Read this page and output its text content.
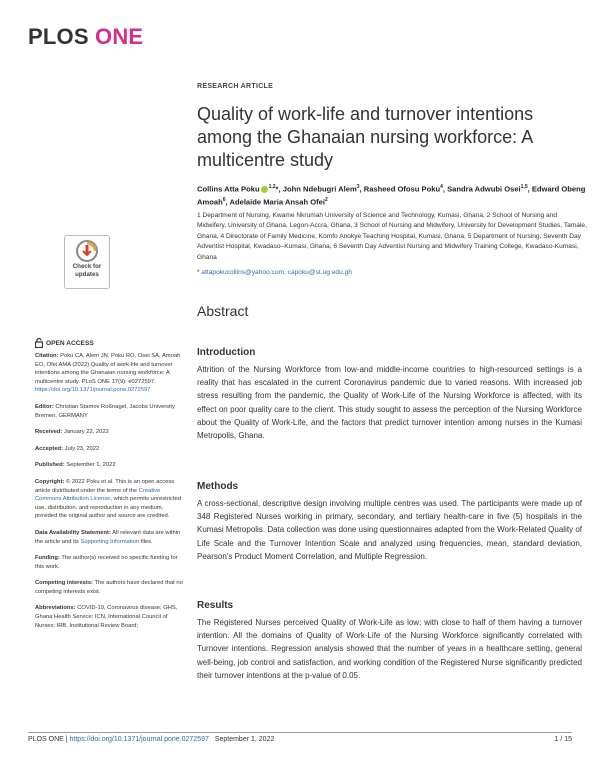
PLOS ONE
RESEARCH ARTICLE
Quality of work-life and turnover intentions among the Ghanaian nursing workforce: A multicentre study
Collins Atta Poku $^{1,2}$*, John Ndebugri Alem$^3$, Rasheed Ofosu Poku$^4$, Sandra Adwubi Osei$^{1,5}$, Edward Obeng Amoah$^6$, Adelaide Maria Ansah Ofei$^2$
1 Department of Nursing, Kwame Nkrumah University of Science and Technology, Kumasi, Ghana, 2 School of Nursing and Midwifery, University of Ghana, Legon-Accra, Ghana, 3 School of Nursing and Midwifery, University for Development Studies, Tamale, Ghana, 4 Directorate of Family Medicine, Komfo Anokye Teaching Hospital, Kumasi, Ghana, 5 Department of Nursing, Seventh Day Adventist Hospital, Kwadaso–Kumasi, Ghana, 6 Seventh Day Adventist Nursing and Midwifery Training College, Kwadaso-Kumasi, Ghana
* attapokucollins@yahoo.com, capoku@st.ug.edu.gh
Check for
updates
OPEN ACCESS
Citation: Poku CA, Alem JN, Poku RO, Osei SA, Amoah EO, Ofei AMA (2022) Quality of work-life and turnover intentions among the Ghanaian nursing workforce: A multicentre study. PLoS ONE 17(9): e0272597. https://doi.org/10.1371/journal.pone.0272597
Editor: Christian Stamov Roßnagel, Jacobs University Bremen, GERMANY
Received: January 22, 2022
Accepted: July 23, 2022
Published: September 1, 2022
Copyright: © 2022 Poku et al. This is an open access article distributed under the terms of the Creative Commons Attribution License, which permits unrestricted use, distribution, and reproduction in any medium, provided the original author and source are credited.
Data Availability Statement: All relevant data are within the article and its Supporting Information files.
Funding: The author(s) received no specific funding for this work.
Competing interests: The authors have declared that no competing interests exist.
Abbreviations: COVID-19, Coronavirus disease; GHS, Ghana Health Service; ICN, International Council of Nurses; IRB, Institutional Review Board;
Abstract
Introduction

Attrition of the Nursing Workforce from low-and middle-income countries to high-resourced settings is a reality that has escalated in the current Coronavirus pandemic due to varied reasons. With increased job stress resulting from the pandemic, the Quality of Work-Life of the Nursing Workforce is affected, with its effect on poor quality care to the client. This study sought to assess the perception of the Nursing Workforce about the Quality of Work-Life, and the factors that predict turnover intention among nurses in the Kumasi Metropolis, Ghana.

Methods

A cross-sectional, descriptive design involving multiple centres was used. The participants were made up of 348 Registered Nurses working in primary, secondary, and tertiary health-care in five (5) hospitals in the Kumasi Metropolis. Data collection was done using questionnaires adapted from the Work-Related Quality of Life Scale and the Turnover Intention Scale and analyzed using frequencies, mean, standard deviation, Pearson's Product Moment Correlation, and Multiple Regression.

Results

The Registered Nurses perceived Quality of Work-Life as low; with close to half of them having a turnover intention. All the domains of Quality of Work-Life of the Nursing Workforce significantly correlated with Turnover intentions. Regression analysis showed that the number of years in a healthcare setting, general well-being, job control and satisfaction, and working condition of the Registered Nurse significantly predicted their turnover intentions at the p-value of 0.05.

PLOS ONE | https://doi.org/10.1371/journal.pone.0272597 September 1, 2022	1 / 15
